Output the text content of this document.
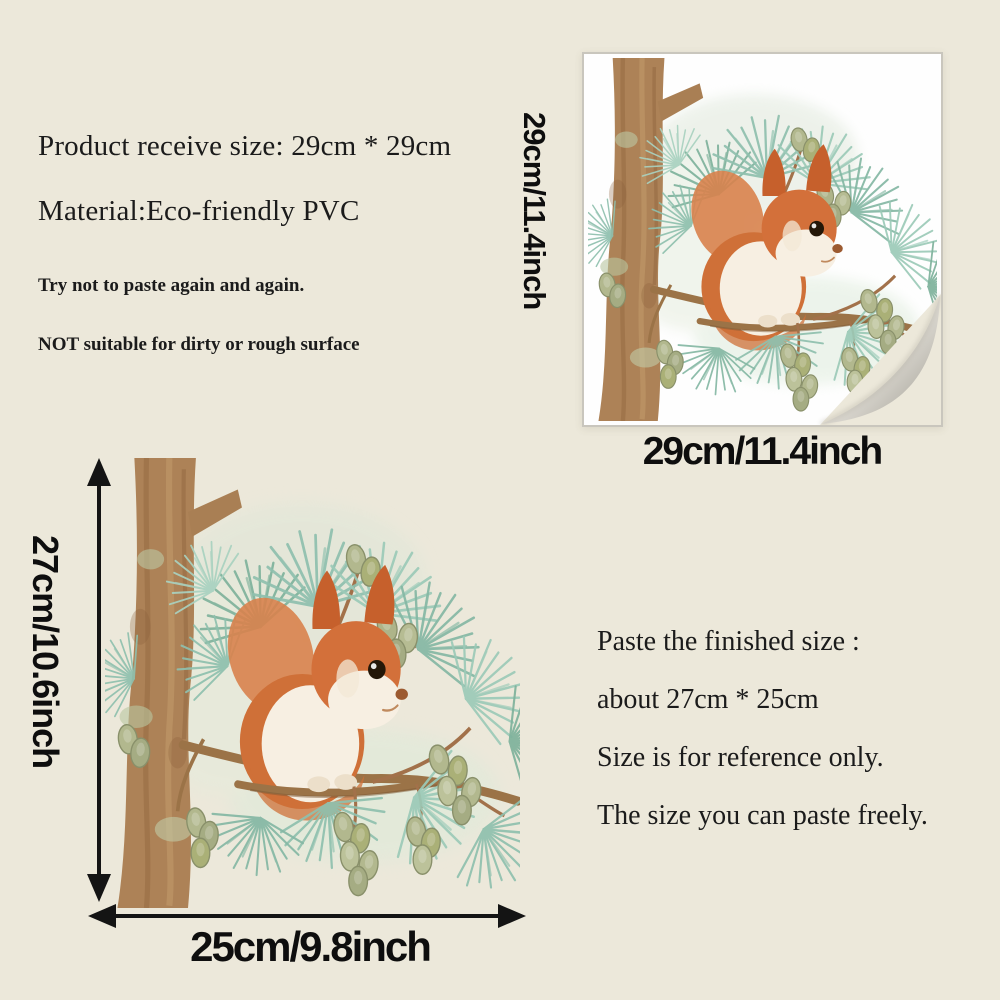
Product receive size: 29cm * 29cm
Material:Eco-friendly PVC
Try not to paste again and again.
NOT suitable for dirty or rough surface
29cm/11.4inch
29cm/11.4inch
27cm/10.6inch
25cm/9.8inch
Paste the finished size :
about 27cm * 25cm
Size is for reference only.
The size you can paste freely.
